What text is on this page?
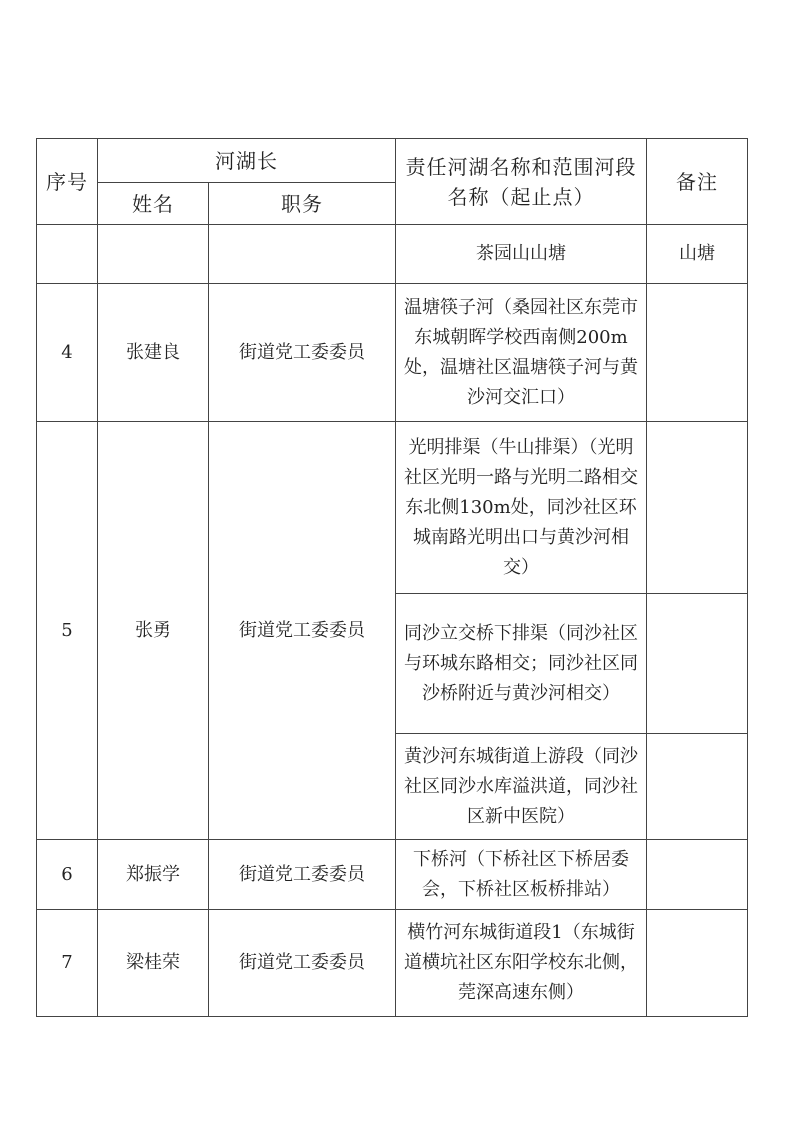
序号	河湖长		责任河湖名称和范围河段名称（起止点）	备注
	姓名	职务		
			茶园山山塘	山塘
4	张建良	街道党工委委员	温塘筷子河（桑园社区东莞市东城朝晖学校西南侧200m处，温塘社区温塘筷子河与黄沙河交汇口）	
5	张勇	街道党工委委员	光明排渠（牛山排渠）（光明社区光明一路与光明二路相交东北侧130m处，同沙社区环城南路光明出口与黄沙河相交）	
			同沙立交桥下排渠（同沙社区与环城东路相交；同沙社区同沙桥附近与黄沙河相交）	
			黄沙河东城街道上游段（同沙社区同沙水库溢洪道，同沙社区新中医院）	
6	郑振学	街道党工委委员	下桥河（下桥社区下桥居委会，下桥社区板桥排站）	
7	梁桂荣	街道党工委委员	横竹河东城街道段1（东城街道横坑社区东阳学校东北侧，莞深高速东侧）	
